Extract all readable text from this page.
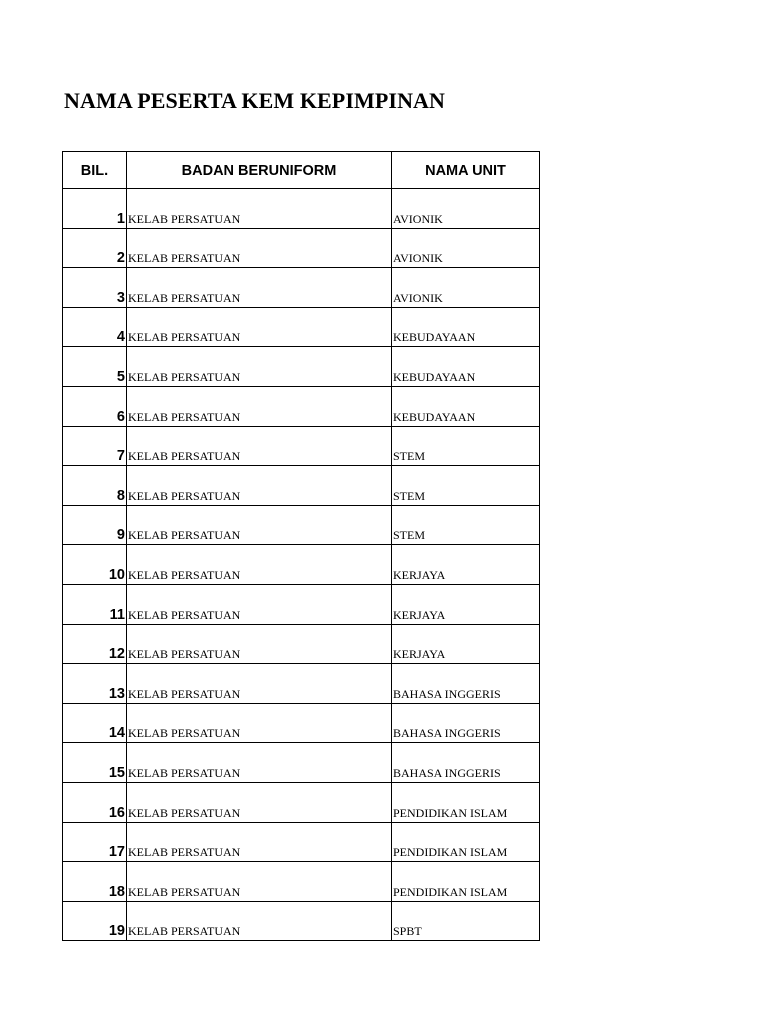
NAMA PESERTA KEM KEPIMPINAN
BIL.	BADAN BERUNIFORM	NAMA UNIT
1	KELAB PERSATUAN	AVIONIK
2	KELAB PERSATUAN	AVIONIK
3	KELAB PERSATUAN	AVIONIK
4	KELAB PERSATUAN	KEBUDAYAAN
5	KELAB PERSATUAN	KEBUDAYAAN
6	KELAB PERSATUAN	KEBUDAYAAN
7	KELAB PERSATUAN	STEM
8	KELAB PERSATUAN	STEM
9	KELAB PERSATUAN	STEM
10	KELAB PERSATUAN	KERJAYA
11	KELAB PERSATUAN	KERJAYA
12	KELAB PERSATUAN	KERJAYA
13	KELAB PERSATUAN	BAHASA INGGERIS
14	KELAB PERSATUAN	BAHASA INGGERIS
15	KELAB PERSATUAN	BAHASA INGGERIS
16	KELAB PERSATUAN	PENDIDIKAN ISLAM
17	KELAB PERSATUAN	PENDIDIKAN ISLAM
18	KELAB PERSATUAN	PENDIDIKAN ISLAM
19	KELAB PERSATUAN	SPBT
